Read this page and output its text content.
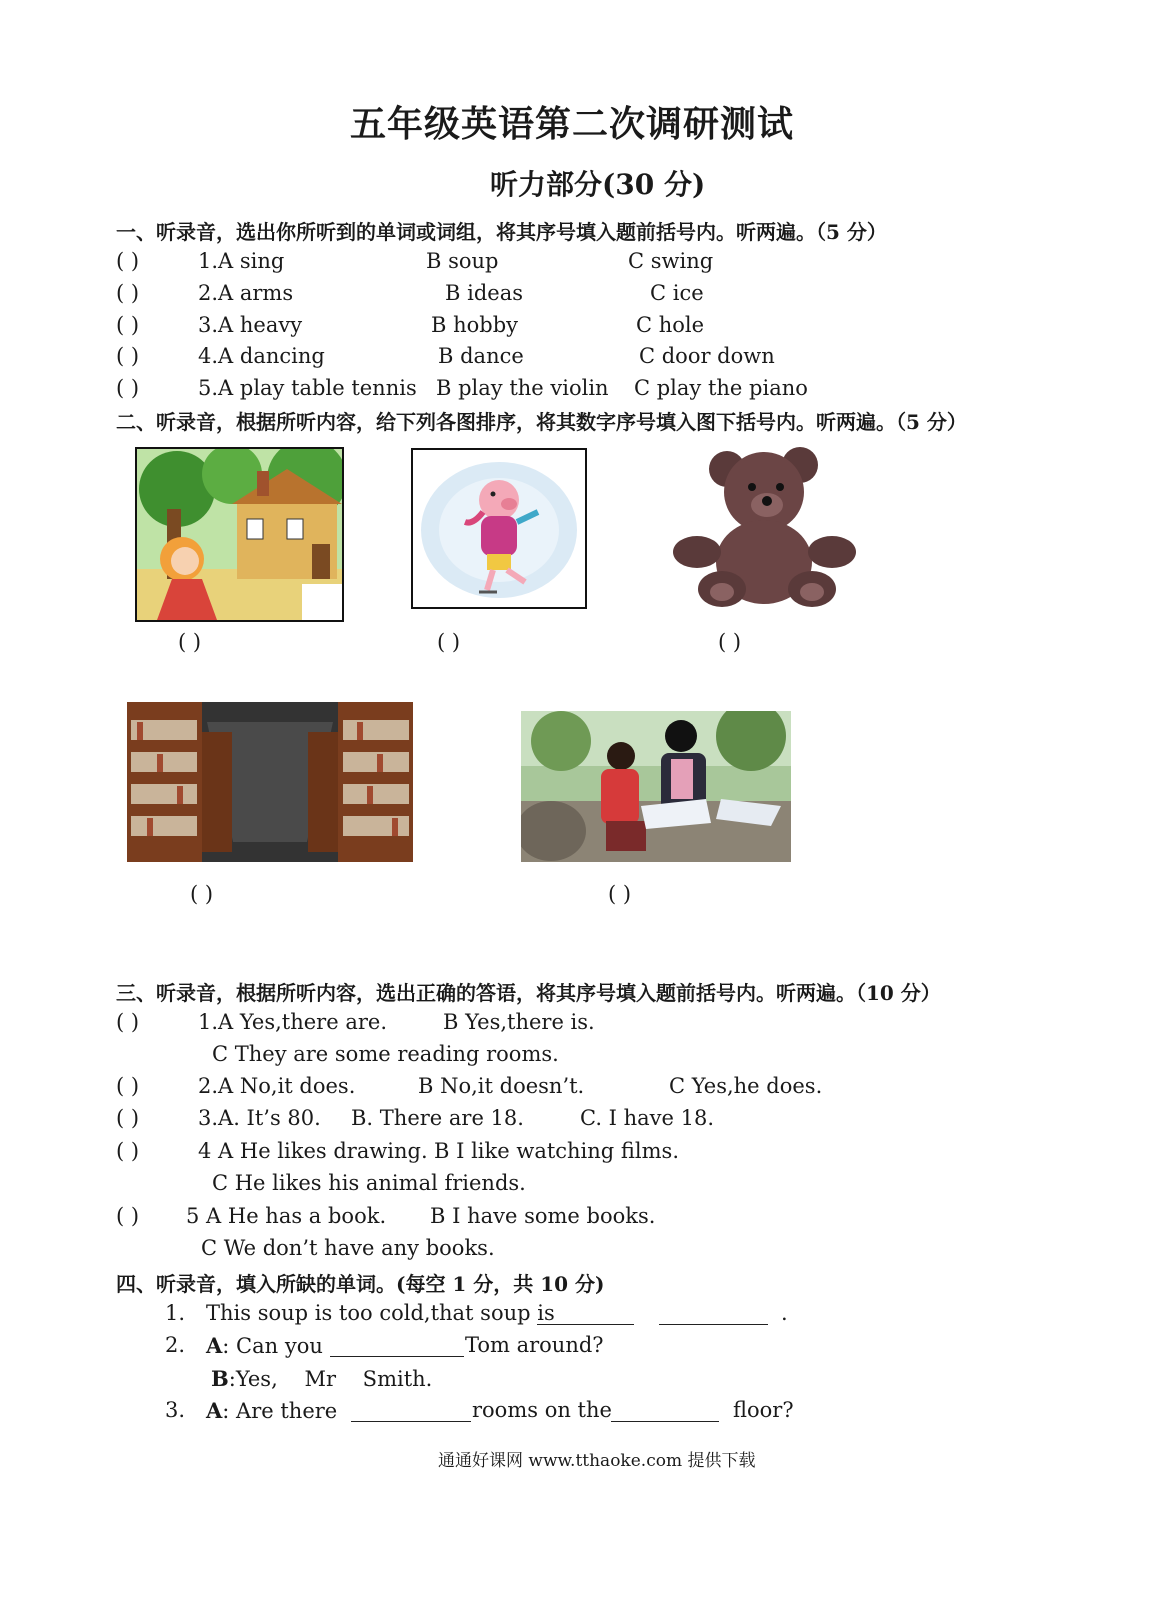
五年级英语第二次调研测试
听力部分(30 分)
一、听录音，选出你所听到的单词或词组，将其序号填入题前括号内。听两遍。（5 分）
( )	1.A sing	B soup	C swing
( )	2.A arms	B ideas	C ice
( )	3.A heavy	B hobby	C hole
( )	4.A dancing	B dance	C door down
( )	5.A play table tennis B play the violin C play the piano
二、听录音，根据所听内容，给下列各图排序，将其数字序号填入图下括号内。听两遍。（5 分）
( )	( )	( )
( )	( )
三、听录音，根据所听内容，选出正确的答语，将其序号填入题前括号内。听两遍。（10 分）
( )	1.A Yes,there are.	B Yes,there is.
C They are some reading rooms.
( )	2.A No,it does.	B No,it doesn’t.	C Yes,he does.
( )	3.A. It’s 80. B. There are 18.	C. I have 18.
( )	4 A He likes drawing. B I like watching films.
C He likes his animal friends.
( ) 5 A He has a book. B I have some books.
C We don’t have any books.
四、听录音，填入所缺的单词。(每空 1 分，共 10 分)
1. This soup is too cold,that soup is	.
2. A: Can you	Tom around?
B:Yes,    Mr    Smith.
3. A: Are there	rooms on the	floor?
通通好课网 www.tthaoke.com 提供下载
